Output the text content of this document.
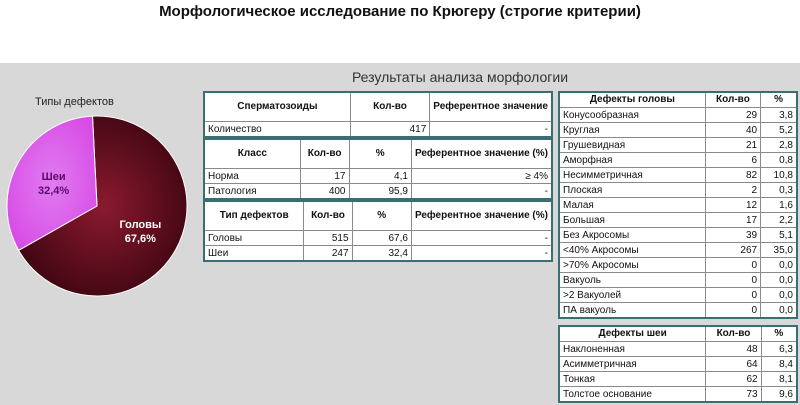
Морфологическое исследование по Крюгеру (строгие критерии)
Результаты анализа морфологии
Типы дефектов
Головы
67,6%
Шеи
32,4%
Сперматозоиды	Кол-во	Референтное значение
Количество	417	-
Класс	Кол-во	%	Референтное значение (%)
Норма	17	4,1	≥ 4%
Патология	400	95,9	-
Тип дефектов	Кол-во	%	Референтное значение (%)
Головы	515	67,6	-
Шеи	247	32,4	-
Дефекты головы	Кол-во	%
Конусообразная	29	3,8
Круглая	40	5,2
Грушевидная	21	2,8
Аморфная	6	0,8
Несимметричная	82	10,8
Плоская	2	0,3
Малая	12	1,6
Большая	17	2,2
Без Акросомы	39	5,1
<40% Акросомы	267	35,0
>70% Акросомы	0	0,0
Вакуоль	0	0,0
>2 Вакуолей	0	0,0
ПА вакуоль	0	0,0
Дефекты шеи	Кол-во	%
Наклоненная	48	6,3
Асимметричная	64	8,4
Тонкая	62	8,1
Толстое основание	73	9,6
